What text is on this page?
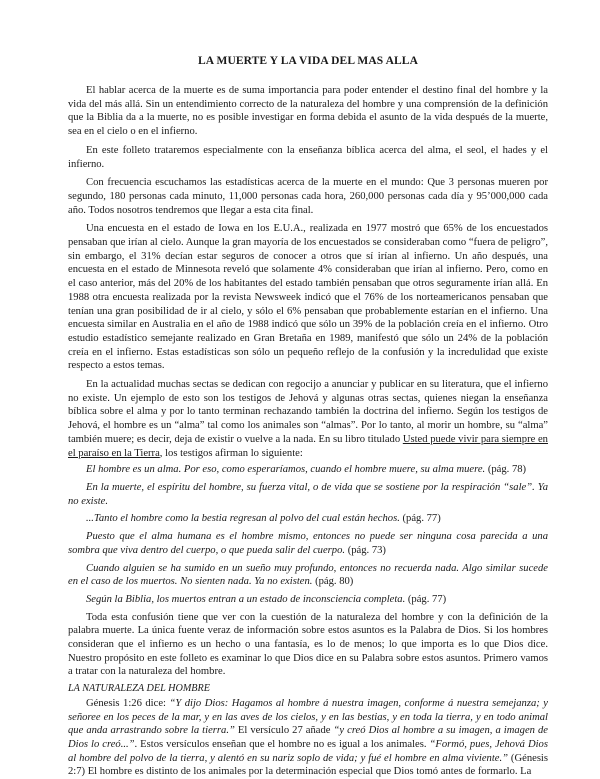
LA MUERTE Y LA VIDA DEL MAS ALLA

El hablar acerca de la muerte es de suma importancia para poder entender el destino final del hombre y la vida del más allá. Sin un entendimiento correcto de la naturaleza del hombre y una comprensión de la definición que la Biblia da a la muerte, no es posible investigar en forma debida el asunto de la vida después de la muerte, sea en el cielo o en el infierno.

En este folleto trataremos especialmente con la enseñanza bíblica acerca del alma, el seol, el hades y el infierno.

Con frecuencia escuchamos las estadísticas acerca de la muerte en el mundo: Que 3 personas mueren por segundo, 180 personas cada minuto, 11,000 personas cada hora, 260,000 personas cada día y 95’000,000 cada año. Todos nosotros tendremos que llegar a esta cita final.

Una encuesta en el estado de Iowa en los E.U.A., realizada en 1977 mostró que 65% de los encuestados pensaban que irían al cielo. Aunque la gran mayoría de los encuestados se consideraban como “fuera de peligro”, sin embargo, el 31% decían estar seguros de conocer a otros que sí irían al infierno. Un año después, una encuesta en el estado de Minnesota reveló que solamente 4% consideraban que irían al infierno. Pero, como en el caso anterior, más del 20% de los habitantes del estado también pensaban que otros seguramente irían allá. En 1988 otra encuesta realizada por la revista Newsweek indicó que el 76% de los norteamericanos pensaban que tenían una gran posibilidad de ir al cielo, y sólo el 6% pensaban que probablemente estarían en el infierno. Una encuesta similar en Australia en el año de 1988 indicó que sólo un 39% de la población creía en el infierno. Otro estudio estadístico semejante realizado en Gran Bretaña en 1989, manifestó que sólo un 24% de la población creía en el infierno. Estas estadísticas son sólo un pequeño reflejo de la confusión y la incredulidad que existe respecto a estos temas.

En la actualidad muchas sectas se dedican con regocijo a anunciar y publicar en su literatura, que el infierno no existe. Un ejemplo de esto son los testigos de Jehová y algunas otras sectas, quienes niegan la enseñanza bíblica sobre el alma y por lo tanto terminan rechazando también la doctrina del infierno. Según los testigos de Jehová, el hombre es un “alma” tal como los animales son “almas”. Por lo tanto, al morir un hombre, su “alma” también muere; es decir, deja de existir o vuelve a la nada. En su libro titulado Usted puede vivir para siempre en el paraíso en la Tierra, los testigos afirman lo siguiente:

El hombre es un alma. Por eso, como esperaríamos, cuando el hombre muere, su alma muere. (pág. 78)
En la muerte, el espíritu del hombre, su fuerza vital, o de vida que se sostiene por la respiración “sale”. Ya no existe.
...Tanto el hombre como la bestia regresan al polvo del cual están hechos. (pág. 77)
Puesto que el alma humana es el hombre mismo, entonces no puede ser ninguna cosa parecida a una sombra que viva dentro del cuerpo, o que pueda salir del cuerpo. (pág. 73)
Cuando alguien se ha sumido en un sueño muy profundo, entonces no recuerda nada. Algo similar sucede en el caso de los muertos. No sienten nada. Ya no existen. (pág. 80)
Según la Biblia, los muertos entran a un estado de inconsciencia completa. (pág. 77)

Toda esta confusión tiene que ver con la cuestión de la naturaleza del hombre y con la definición de la palabra muerte. La única fuente veraz de información sobre estos asuntos es la Palabra de Dios. Si los hombres consideran que el infierno es un hecho o una fantasía, es lo de menos; lo que importa es lo que Dios dice. Nuestro propósito en este folleto es examinar lo que Dios dice en su Palabra sobre estos asuntos. Primero vamos a tratar con la naturaleza del hombre.

LA NATURALEZA DEL HOMBRE

Génesis 1:26 dice: “Y dijo Dios: Hagamos al hombre á nuestra imagen, conforme á nuestra semejanza; y señoree en los peces de la mar, y en las aves de los cielos, y en las bestias, y en toda la tierra, y en todo animal que anda arrastrando sobre la tierra.” El versículo 27 añade “y creó Dios al hombre a su imagen, a imagen de Dios lo creó...”. Estos versículos enseñan que el hombre no es igual a los animales. “Formó, pues, Jehová Dios al hombre del polvo de la tierra, y alentó en su nariz soplo de vida; y fué el hombre en alma viviente.” (Génesis 2:7) El hombre es distinto de los animales por la determinación especial que Dios tomó antes de formarlo. La
